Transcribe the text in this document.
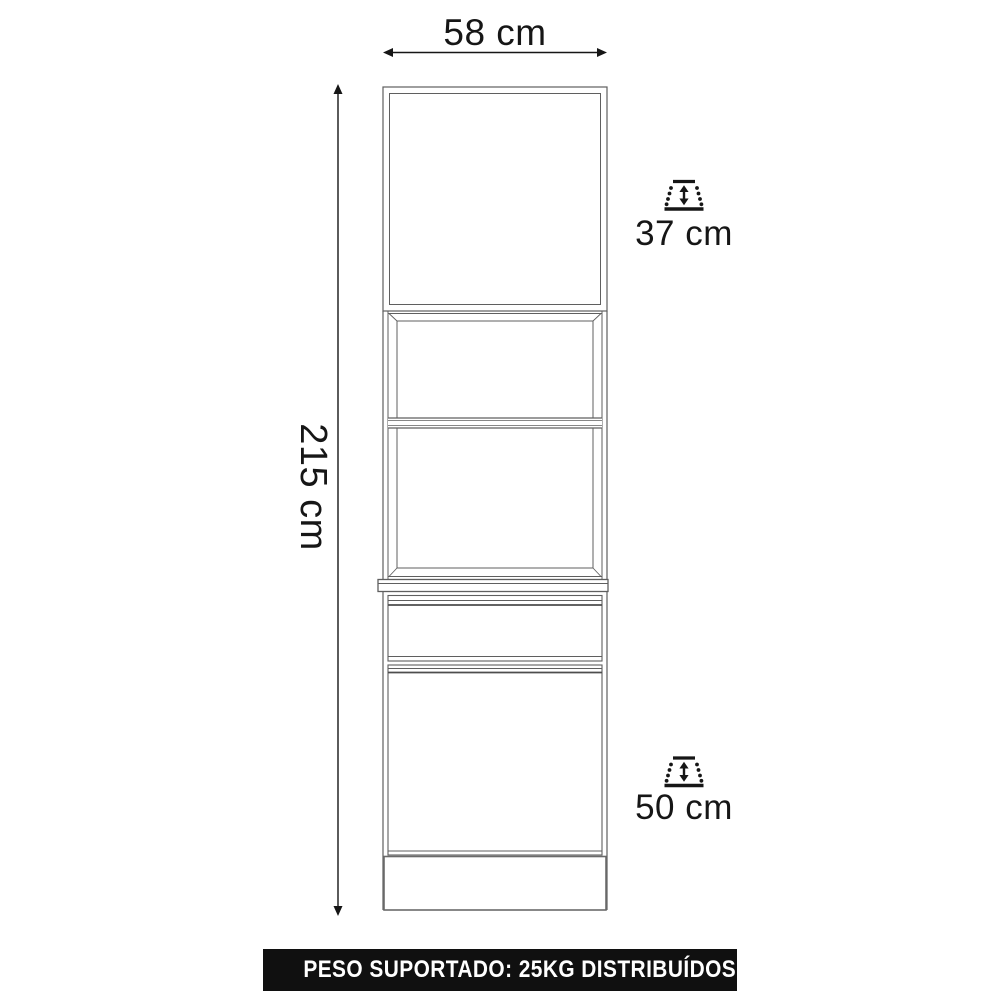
58 cm
215 cm
37 cm
50 cm
KG PESO SUPORTADO: 25KG DISTRIBUÍDOS
